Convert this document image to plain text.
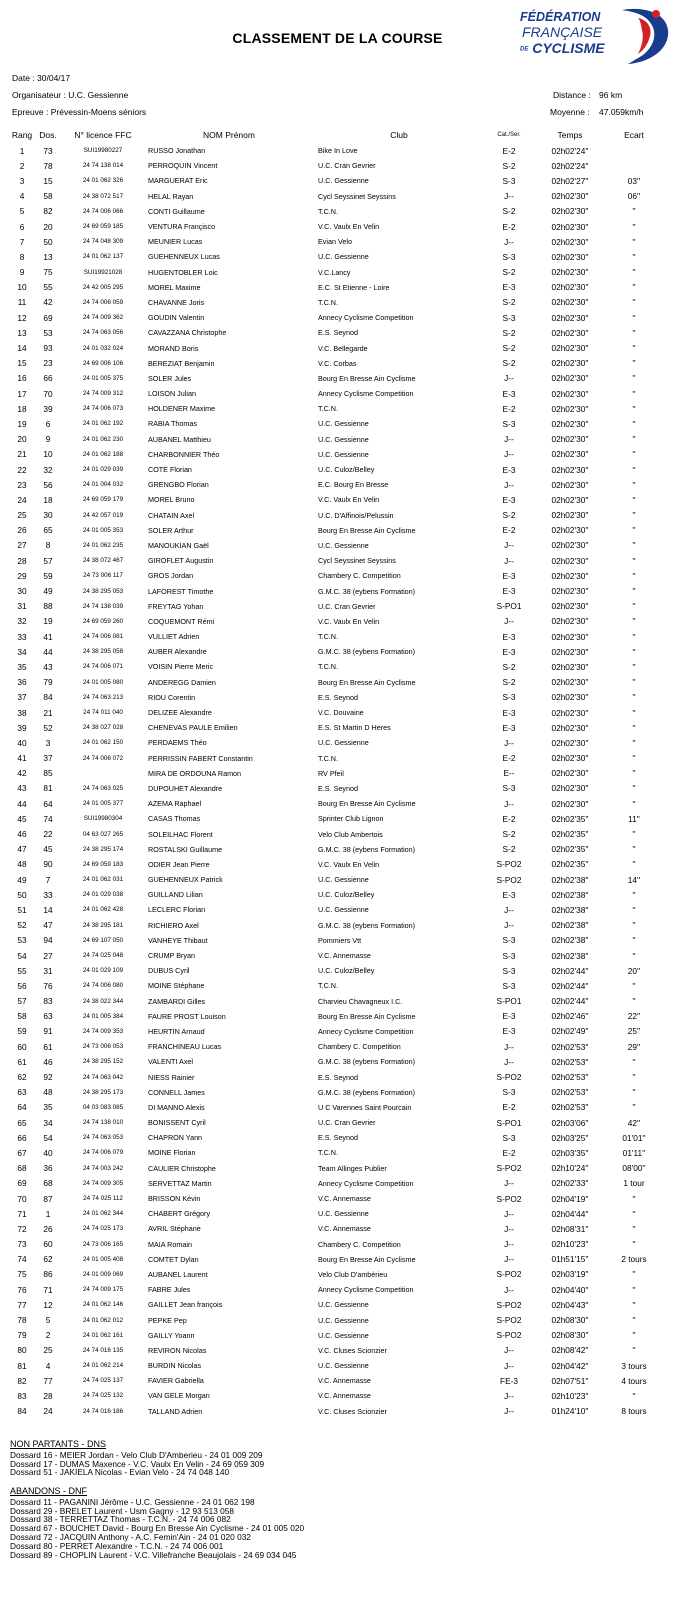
CLASSEMENT DE LA COURSE
FÉDÉRATION
FRANÇAISE
DE CYCLISME
Date : 30/04/17
Organisateur : U.C. Gessienne
Epreuve : Prévessin-Moens séniors
Distance : 96 km
Moyenne : 47.059km/h
Rang	Dos.	N° licence FFC	NOM Prénom	Club	Cat./Ser.	Temps	Ecart
1	73	SUI19980227	RUSSO Jonathan	Bike In Love	E-2	02h02'24''	
2	78	24 74 138 014	PERROQUIN Vincent	U.C. Cran Gevrier	S-2	02h02'24''	
3	15	24 01 062 326	MARGUERAT Eric	U.C. Gessienne	S-3	02h02'27''	03''
4	58	24 38 072 517	HELAL Rayan	Cycl Seyssinet Seyssins	J--	02h02'30''	06''
5	82	24 74 006 066	CONTI Guillaume	T.C.N.	S-2	02h02'30''	''
6	20	24 69 059 185	VENTURA Françisco	V.C. Vaulx En Velin	E-2	02h02'30''	''
7	50	24 74 048 309	MEUNIER Lucas	Evian Velo	J--	02h02'30''	''
8	13	24 01 062 137	GUEHENNEUX Lucas	U.C. Gessienne	S-3	02h02'30''	''
9	75	SUI19921028	HUGENTOBLER Loic	V.C.Lancy	S-2	02h02'30''	''
10	55	24 42 005 295	MOREL Maxime	E.C. St Etienne - Loire	E-3	02h02'30''	''
11	42	24 74 006 059	CHAVANNE Joris	T.C.N.	S-2	02h02'30''	''
12	69	24 74 009 362	GOUDIN Valentin	Annecy Cyclisme Competition	S-3	02h02'30''	''
13	53	24 74 063 056	CAVAZZANA Christophe	E.S. Seynod	S-2	02h02'30''	''
14	93	24 01 032 024	MORAND Boris	V.C. Bellegarde	S-2	02h02'30''	''
15	23	24 69 006 106	BEREZIAT Benjamin	V.C. Corbas	S-2	02h02'30''	''
16	66	24 01 005 375	SOLER Jules	Bourg En Bresse Ain Cyclisme	J--	02h02'30''	''
17	70	24 74 009 312	LOISON Julian	Annecy Cyclisme Competition	E-3	02h02'30''	''
18	39	24 74 006 073	HOLDENER Maxime	T.C.N.	E-2	02h02'30''	''
19	6	24 01 062 192	RABIA Thomas	U.C. Gessienne	S-3	02h02'30''	''
20	9	24 01 062 230	AUBANEL Matthieu	U.C. Gessienne	J--	02h02'30''	''
21	10	24 01 062 188	CHARBONNIER Théo	U.C. Gessienne	J--	02h02'30''	''
22	32	24 01 029 039	COTE Florian	U.C. Culoz/Belley	E-3	02h02'30''	''
23	56	24 01 004 032	GRENGBO Florian	E.C. Bourg En Bresse	J--	02h02'30''	''
24	18	24 69 059 179	MOREL Bruno	V.C. Vaulx En Velin	E-3	02h02'30''	''
25	30	24 42 057 019	CHATAIN Axel	U.C. D'Affinois/Pelussin	S-2	02h02'30''	''
26	65	24 01 005 353	SOLER Arthur	Bourg En Bresse Ain Cyclisme	E-2	02h02'30''	''
27	8	24 01 062 235	MANOUKIAN Gaël	U.C. Gessienne	J--	02h02'30''	''
28	57	24 38 072 467	GIROFLET Augustin	Cycl Seyssinet Seyssins	J--	02h02'30''	''
29	59	24 73 006 117	GROS Jordan	Chambery C. Competition	E-3	02h02'30''	''
30	49	24 38 295 053	LAFOREST Timothe	G.M.C. 38 (eybens Formation)	E-3	02h02'30''	''
31	88	24 74 138 039	FREYTAG Yohan	U.C. Cran Gevrier	S-PO1	02h02'30''	''
32	19	24 69 059 260	COQUEMONT Rémi	V.C. Vaulx En Velin	J--	02h02'30''	''
33	41	24 74 006 081	VULLIET Adrien	T.C.N.	E-3	02h02'30''	''
34	44	24 38 295 058	AUBER Alexandre	G.M.C. 38 (eybens Formation)	E-3	02h02'30''	''
35	43	24 74 006 071	VOISIN Pierre Meric	T.C.N.	S-2	02h02'30''	''
36	79	24 01 005 080	ANDEREGG Damien	Bourg En Bresse Ain Cyclisme	S-2	02h02'30''	''
37	84	24 74 063 213	RIOU Corentin	E.S. Seynod	S-3	02h02'30''	''
38	21	24 74 011 040	DELIZEE Alexandre	V.C. Douvaine	E-3	02h02'30''	''
39	52	24 38 027 028	CHENEVAS PAULE Emilien	E.S. St Martin D Heres	E-3	02h02'30''	''
40	3	24 01 062 150	PERDAEMS Théo	U.C. Gessienne	J--	02h02'30''	''
41	37	24 74 006 072	PERRISSIN FABERT Constantin	T.C.N.	E-2	02h02'30''	''
42	85		MIRA DE ORDOUNA Ramon	RV Pfeil	E--	02h02'30''	''
43	81	24 74 063 025	DUPOUHET Alexandre	E.S. Seynod	S-3	02h02'30''	''
44	64	24 01 005 377	AZEMA Raphael	Bourg En Bresse Ain Cyclisme	J--	02h02'30''	''
45	74	SUI19980304	CASAS Thomas	Sprinter Club Lignon	E-2	02h02'35''	11''
46	22	04 63 027 265	SOLEILHAC Florent	Velo Club Ambertois	S-2	02h02'35''	''
47	45	24 38 295 174	ROSTALSKI Guillaume	G.M.C. 38 (eybens Formation)	S-2	02h02'35''	''
48	90	24 69 059 183	ODIER Jean Pierre	V.C. Vaulx En Velin	S-PO2	02h02'35''	''
49	7	24 01 062 031	GUEHENNEUX Patrick	U.C. Gessienne	S-PO2	02h02'38''	14''
50	33	24 01 029 038	GUILLAND Lilian	U.C. Culoz/Belley	E-3	02h02'38''	''
51	14	24 01 062 428	LECLERC Florian	U.C. Gessienne	J--	02h02'38''	''
52	47	24 38 295 181	RICHIERO Axel	G.M.C. 38 (eybens Formation)	J--	02h02'38''	''
53	94	24 69 107 050	VANHEYE Thibaut	Pommiers Vtt	S-3	02h02'38''	''
54	27	24 74 025 048	CRUMP Bryan	V.C. Annemasse	S-3	02h02'38''	''
55	31	24 01 029 109	DUBUS Cyril	U.C. Culoz/Belley	S-3	02h02'44''	20''
56	76	24 74 006 080	MOINE Stéphane	T.C.N.	S-3	02h02'44''	''
57	83	24 38 022 344	ZAMBARDI Gilles	Charvieu Chavagneux I.C.	S-PO1	02h02'44''	''
58	63	24 01 005 384	FAURE PROST Louison	Bourg En Bresse Ain Cyclisme	E-3	02h02'46''	22''
59	91	24 74 009 353	HEURTIN Arnaud	Annecy Cyclisme Competition	E-3	02h02'49''	25''
60	61	24 73 006 053	FRANCHINEAU Lucas	Chambery C. Competition	J--	02h02'53''	29''
61	46	24 38 295 152	VALENTI Axel	G.M.C. 38 (eybens Formation)	J--	02h02'53''	''
62	92	24 74 063 042	NIESS Rainier	E.S. Seynod	S-PO2	02h02'53''	''
63	48	24 38 295 173	CONNELL James	G.M.C. 38 (eybens Formation)	S-3	02h02'53''	''
64	35	04 03 083 085	DI MANNO Alexis	U C Varennes Saint Pourcain	E-2	02h02'53''	''
65	34	24 74 138 010	BONISSENT Cyril	U.C. Cran Gevrier	S-PO1	02h03'06''	42''
66	54	24 74 063 053	CHAPRON Yann	E.S. Seynod	S-3	02h03'25''	01'01''
67	40	24 74 006 079	MOINE Florian	T.C.N.	E-2	02h03'35''	01'11''
68	36	24 74 003 242	CAULIER Christophe	Team Allinges Publier	S-PO2	02h10'24''	08'00''
69	68	24 74 009 305	SERVETTAZ Martin	Annecy Cyclisme Competition	J--	02h02'33''	1 tour
70	87	24 74 025 112	BRISSON Kévin	V.C. Annemasse	S-PO2	02h04'19''	''
71	1	24 01 062 344	CHABERT Grégory	U.C. Gessienne	J--	02h04'44''	''
72	26	24 74 025 173	AVRIL Stéphane	V.C. Annemasse	J--	02h08'31''	''
73	60	24 73 006 165	MAIA Romain	Chambery C. Competition	J--	02h10'23''	''
74	62	24 01 005 408	COMTET Dylan	Bourg En Bresse Ain Cyclisme	J--	01h51'15''	2 tours
75	86	24 01 009 069	AUBANEL Laurent	Velo Club D'ambérieu	S-PO2	02h03'19''	''
76	71	24 74 009 175	FABRE Jules	Annecy Cyclisme Competition	J--	02h04'40''	''
77	12	24 01 062 146	GAILLET Jean françois	U.C. Gessienne	S-PO2	02h04'43''	''
78	5	24 01 062 012	PEPKE Pep	U.C. Gessienne	S-PO2	02h08'30''	''
79	2	24 01 062 161	GAILLY Yoann	U.C. Gessienne	S-PO2	02h08'30''	''
80	25	24 74 016 135	REVIRON Nicolas	V.C. Cluses Scionzier	J--	02h08'42''	''
81	4	24 01 062 214	BURDIN Nicolas	U.C. Gessienne	J--	02h04'42''	3 tours
82	77	24 74 025 137	FAVIER Gabriella	V.C. Annemasse	FE-3	02h07'51''	4 tours
83	28	24 74 025 132	VAN GELE Morgan	V.C. Annemasse	J--	02h10'23''	''
84	24	24 74 016 186	TALLAND Adrien	V.C. Cluses Scionzier	J--	01h24'10''	8 tours
NON PARTANTS - DNS
Dossard 16 - MEIER Jordan - Velo Club D'Amberieu - 24 01 009 209
Dossard 17 - DUMAS Maxence - V.C. Vaulx En Velin - 24 69 059 309
Dossard 51 - JAKIELA Nicolas - Evian Velo - 24 74 048 140
ABANDONS - DNF
Dossard 11 - PAGANINI Jérôme - U.C. Gessienne - 24 01 062 198
Dossard 29 - BRELET Laurent - Usm Gagny - 12 93 513 058
Dossard 38 - TERRETTAZ Thomas - T.C.N. - 24 74 006 082
Dossard 67 - BOUCHET David - Bourg En Bresse Ain Cyclisme - 24 01 005 020
Dossard 72 - JACQUIN Anthony - A.C. Femin'Ain - 24 01 020 032
Dossard 80 - PERRET Alexandre - T.C.N. - 24 74 006 001
Dossard 89 - CHOPLIN Laurent - V.C. Villefranche Beaujolais - 24 69 034 045
